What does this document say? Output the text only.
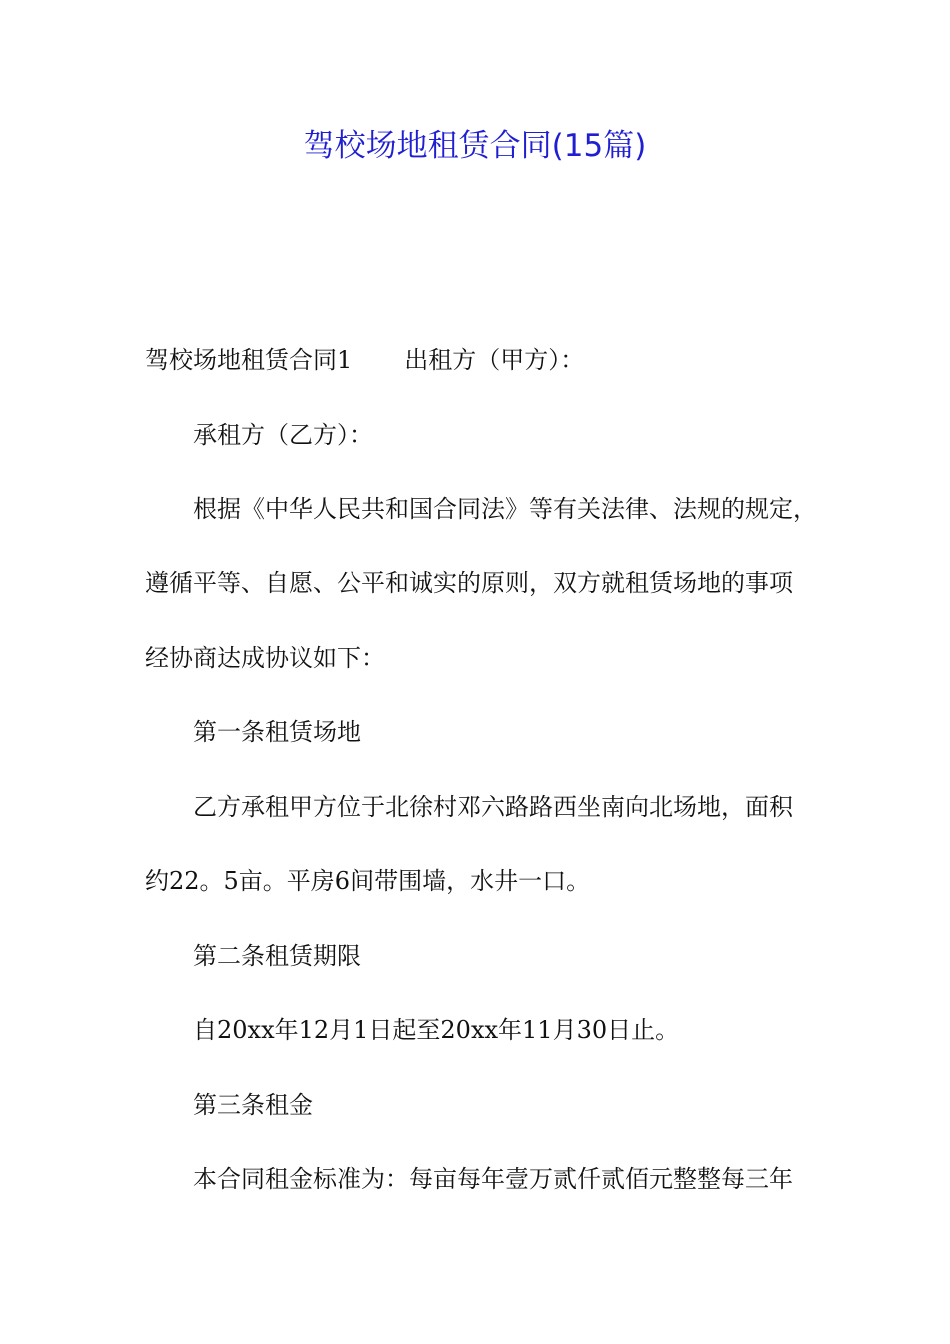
驾校场地租赁合同(15篇)
驾校场地租赁合同1 出租方（甲方）：
承租方（乙方）：
根据《中华人民共和国合同法》等有关法律、法规的规定，
遵循平等、自愿、公平和诚实的原则，双方就租赁场地的事项
经协商达成协议如下：
第一条租赁场地
乙方承租甲方位于北徐村邓六路路西坐南向北场地，面积
约22。5亩。平房6间带围墙，水井一口。
第二条租赁期限
自20xx年12月1日起至20xx年11月30日止。
第三条租金
本合同租金标准为：每亩每年壹万贰仟贰佰元整整每三年
